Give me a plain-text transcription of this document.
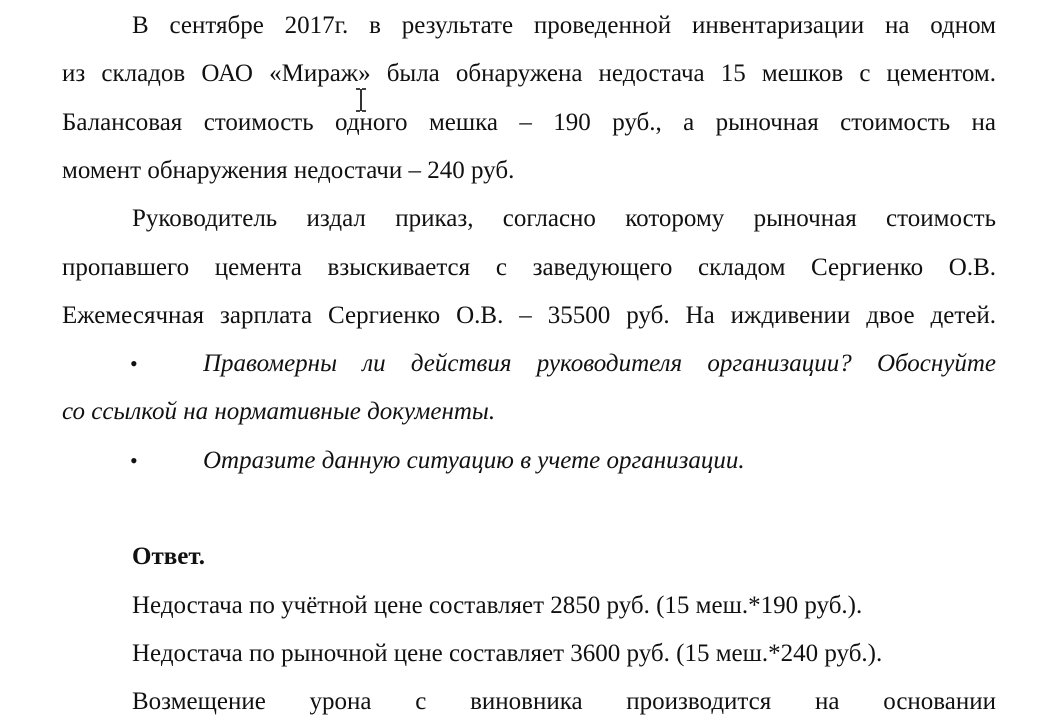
В сентябре 2017г. в результате проведенной инвентаризации на одном
из складов ОАО «Мираж» была обнаружена недостача 15 мешков с цементом.
Балансовая стоимость одного мешка – 190 руб., а рыночная стоимость на
момент обнаружения недостачи – 240 руб.
Руководитель издал приказ, согласно которому рыночная стоимость
пропавшего цемента взыскивается с заведующего складом Сергиенко О.В.
Ежемесячная зарплата Сергиенко О.В. – 35500 руб. На иждивении двое детей.
•	Правомерны ли действия руководителя организации? Обоснуйте
со ссылкой на нормативные документы.
•	Отразите данную ситуацию в учете организации.
Ответ.
Недостача по учётной цене составляет 2850 руб. (15 меш.*190 руб.).
Недостача по рыночной цене составляет 3600 руб. (15 меш.*240 руб.).
Возмещение урона с виновника производится на основании
